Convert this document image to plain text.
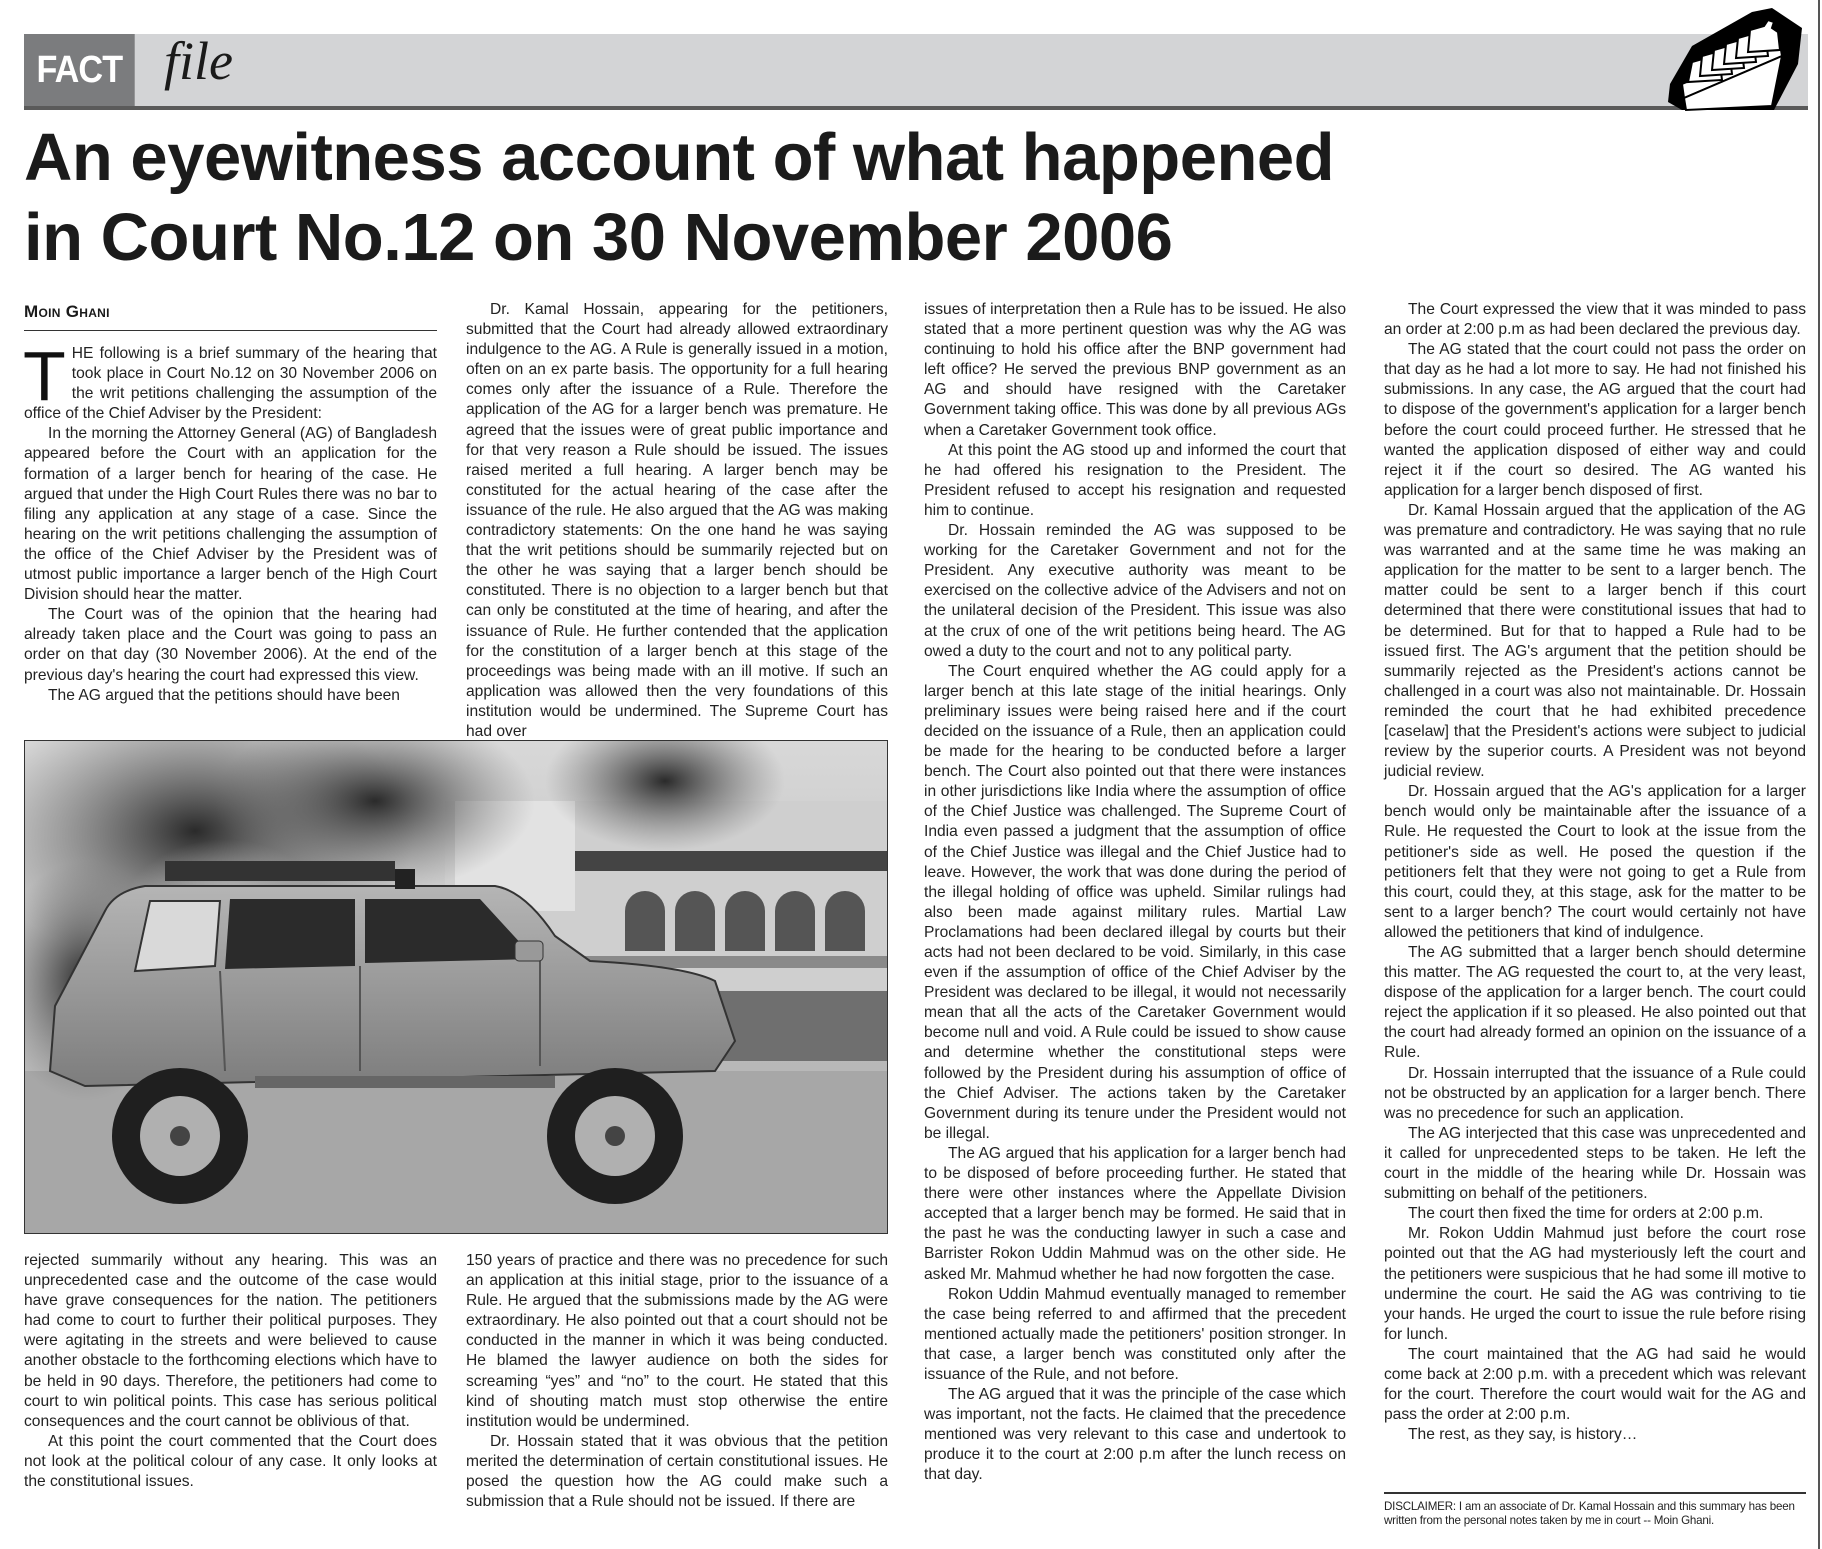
FACT file
An eyewitness account of what happened
in Court No.12 on 30 November 2006
Moin Ghani

THE following is a brief summary of the hearing that took place in Court No.12 on 30 November 2006 on the writ petitions challenging the assumption of the office of the Chief Adviser by the President:

In the morning the Attorney General (AG) of Bangladesh appeared before the Court with an application for the formation of a larger bench for hearing of the case. He argued that under the High Court Rules there was no bar to filing any application at any stage of a case. Since the hearing on the writ petitions challenging the assumption of the office of the Chief Adviser by the President was of utmost public importance a larger bench of the High Court Division should hear the matter.

The Court was of the opinion that the hearing had already taken place and the Court was going to pass an order on that day (30 November 2006). At the end of the previous day's hearing the court had expressed this view.

The AG argued that the petitions should have been

Dr. Kamal Hossain, appearing for the petitioners, submitted that the Court had already allowed extraordinary indulgence to the AG. A Rule is generally issued in a motion, often on an ex parte basis. The opportunity for a full hearing comes only after the issuance of a Rule. Therefore the application of the AG for a larger bench was premature. He agreed that the issues were of great public importance and for that very reason a Rule should be issued. The issues raised merited a full hearing. A larger bench may be constituted for the actual hearing of the case after the issuance of the rule. He also argued that the AG was making contradictory statements: On the one hand he was saying that the writ petitions should be summarily rejected but on the other he was saying that a larger bench should be constituted. There is no objection to a larger bench but that can only be constituted at the time of hearing, and after the issuance of Rule. He further contended that the application for the constitution of a larger bench at this stage of the proceedings was being made with an ill motive. If such an application was allowed then the very foundations of this institution would be undermined. The Supreme Court has had over

rejected summarily without any hearing. This was an unprecedented case and the outcome of the case would have grave consequences for the nation. The petitioners had come to court to further their political purposes. They were agitating in the streets and were believed to cause another obstacle to the forthcoming elections which have to be held in 90 days. Therefore, the petitioners had come to court to win political points. This case has serious political consequences and the court cannot be oblivious of that.

At this point the court commented that the Court does not look at the political colour of any case. It only looks at the constitutional issues.

150 years of practice and there was no precedence for such an application at this initial stage, prior to the issuance of a Rule. He argued that the submissions made by the AG were extraordinary. He also pointed out that a court should not be conducted in the manner in which it was being conducted. He blamed the lawyer audience on both the sides for screaming “yes” and “no” to the court. He stated that this kind of shouting match must stop otherwise the entire institution would be undermined.

Dr. Hossain stated that it was obvious that the petition merited the determination of certain constitutional issues. He posed the question how the AG could make such a submission that a Rule should not be issued. If there are

issues of interpretation then a Rule has to be issued. He also stated that a more pertinent question was why the AG was continuing to hold his office after the BNP government had left office? He served the previous BNP government as an AG and should have resigned with the Caretaker Government taking office. This was done by all previous AGs when a Caretaker Government took office.

At this point the AG stood up and informed the court that he had offered his resignation to the President. The President refused to accept his resignation and requested him to continue.

Dr. Hossain reminded the AG was supposed to be working for the Caretaker Government and not for the President. Any executive authority was meant to be exercised on the collective advice of the Advisers and not on the unilateral decision of the President. This issue was also at the crux of one of the writ petitions being heard. The AG owed a duty to the court and not to any political party.

The Court enquired whether the AG could apply for a larger bench at this late stage of the initial hearings. Only preliminary issues were being raised here and if the court decided on the issuance of a Rule, then an application could be made for the hearing to be conducted before a larger bench. The Court also pointed out that there were instances in other jurisdictions like India where the assumption of office of the Chief Justice was challenged. The Supreme Court of India even passed a judgment that the assumption of office of the Chief Justice was illegal and the Chief Justice had to leave. However, the work that was done during the period of the illegal holding of office was upheld. Similar rulings had also been made against military rules. Martial Law Proclamations had been declared illegal by courts but their acts had not been declared to be void. Similarly, in this case even if the assumption of office of the Chief Adviser by the President was declared to be illegal, it would not necessarily mean that all the acts of the Caretaker Government would become null and void. A Rule could be issued to show cause and determine whether the constitutional steps were followed by the President during his assumption of office of the Chief Adviser. The actions taken by the Caretaker Government during its tenure under the President would not be illegal.

The AG argued that his application for a larger bench had to be disposed of before proceeding further. He stated that there were other instances where the Appellate Division accepted that a larger bench may be formed. He said that in the past he was the conducting lawyer in such a case and Barrister Rokon Uddin Mahmud was on the other side. He asked Mr. Mahmud whether he had now forgotten the case.

Rokon Uddin Mahmud eventually managed to remember the case being referred to and affirmed that the precedent mentioned actually made the petitioners' position stronger. In that case, a larger bench was constituted only after the issuance of the Rule, and not before.

The AG argued that it was the principle of the case which was important, not the facts. He claimed that the precedence mentioned was very relevant to this case and undertook to produce it to the court at 2:00 p.m after the lunch recess on that day.

The Court expressed the view that it was minded to pass an order at 2:00 p.m as had been declared the previous day.

The AG stated that the court could not pass the order on that day as he had a lot more to say. He had not finished his submissions. In any case, the AG argued that the court had to dispose of the government's application for a larger bench before the court could proceed further. He stressed that he wanted the application disposed of either way and could reject it if the court so desired. The AG wanted his application for a larger bench disposed of first.

Dr. Kamal Hossain argued that the application of the AG was premature and contradictory. He was saying that no rule was warranted and at the same time he was making an application for the matter to be sent to a larger bench. The matter could be sent to a larger bench if this court determined that there were constitutional issues that had to be determined. But for that to happed a Rule had to be issued first. The AG's argument that the petition should be summarily rejected as the President's actions cannot be challenged in a court was also not maintainable. Dr. Hossain reminded the court that he had exhibited precedence [caselaw] that the President's actions were subject to judicial review by the superior courts. A President was not beyond judicial review.

Dr. Hossain argued that the AG's application for a larger bench would only be maintainable after the issuance of a Rule. He requested the Court to look at the issue from the petitioner's side as well. He posed the question if the petitioners felt that they were not going to get a Rule from this court, could they, at this stage, ask for the matter to be sent to a larger bench? The court would certainly not have allowed the petitioners that kind of indulgence.

The AG submitted that a larger bench should determine this matter. The AG requested the court to, at the very least, dispose of the application for a larger bench. The court could reject the application if it so pleased. He also pointed out that the court had already formed an opinion on the issuance of a Rule.

Dr. Hossain interrupted that the issuance of a Rule could not be obstructed by an application for a larger bench. There was no precedence for such an application.

The AG interjected that this case was unprecedented and it called for unprecedented steps to be taken. He left the court in the middle of the hearing while Dr. Hossain was submitting on behalf of the petitioners.

The court then fixed the time for orders at 2:00 p.m.

Mr. Rokon Uddin Mahmud just before the court rose pointed out that the AG had mysteriously left the court and the petitioners were suspicious that he had some ill motive to undermine the court. He said the AG was contriving to tie your hands. He urged the court to issue the rule before rising for lunch.

The court maintained that the AG had said he would come back at 2:00 p.m. with a precedent which was relevant for the court. Therefore the court would wait for the AG and pass the order at 2:00 p.m.

The rest, as they say, is history…

DISCLAIMER: I am an associate of Dr. Kamal Hossain and this summary has been written from the personal notes taken by me in court -- Moin Ghani.
